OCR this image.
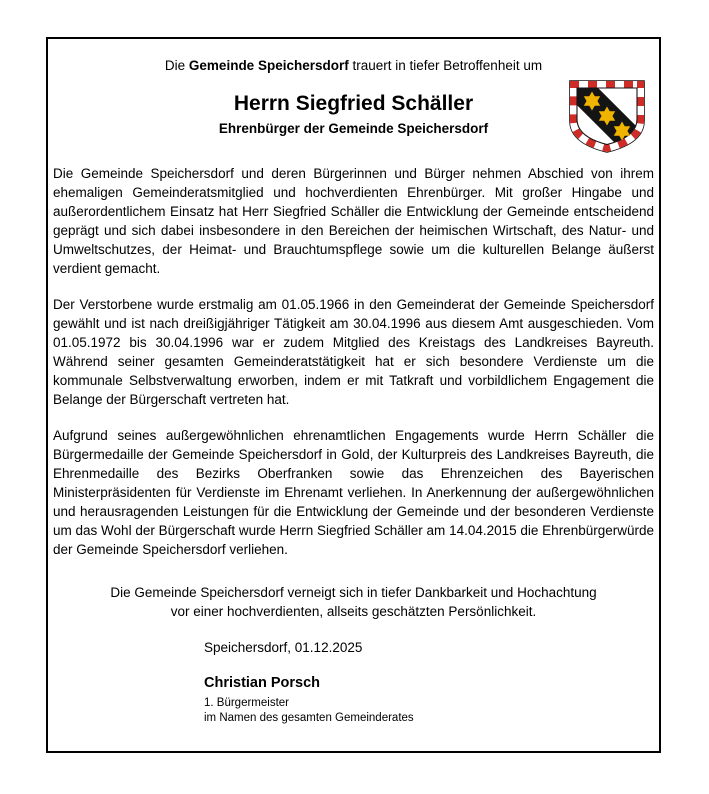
Die Gemeinde Speichersdorf trauert in tiefer Betroffenheit um

Herrn Siegfried Schäller
Ehrenbürger der Gemeinde Speichersdorf

Die Gemeinde Speichersdorf und deren Bürgerinnen und Bürger nehmen Abschied von ihrem ehemaligen Gemeinderatsmitglied und hochverdienten Ehrenbürger. Mit großer Hingabe und außerordentlichem Einsatz hat Herr Siegfried Schäller die Entwicklung der Gemeinde entscheidend geprägt und sich dabei insbesondere in den Bereichen der heimischen Wirtschaft, des Natur- und Umweltschutzes, der Heimat- und Brauchtumspflege sowie um die kulturellen Belange äußerst verdient gemacht.

Der Verstorbene wurde erstmalig am 01.05.1966 in den Gemeinderat der Gemeinde Speichersdorf gewählt und ist nach dreißigjähriger Tätigkeit am 30.04.1996 aus diesem Amt ausgeschieden. Vom 01.05.1972 bis 30.04.1996 war er zudem Mitglied des Kreistags des Landkreises Bayreuth. Während seiner gesamten Gemeinderatstätigkeit hat er sich besondere Verdienste um die kommunale Selbstverwaltung erworben, indem er mit Tatkraft und vorbildlichem Engagement die Belange der Bürgerschaft vertreten hat.

Aufgrund seines außergewöhnlichen ehrenamtlichen Engagements wurde Herrn Schäller die Bürgermedaille der Gemeinde Speichersdorf in Gold, der Kulturpreis des Landkreises Bayreuth, die Ehrenmedaille des Bezirks Oberfranken sowie das Ehrenzeichen des Bayerischen Ministerpräsidenten für Verdienste im Ehrenamt verliehen. In Anerkennung der außergewöhnlichen und herausragenden Leistungen für die Entwicklung der Gemeinde und der besonderen Verdienste um das Wohl der Bürgerschaft wurde Herrn Siegfried Schäller am 14.04.2015 die Ehrenbürgerwürde der Gemeinde Speichersdorf verliehen.

Die Gemeinde Speichersdorf verneigt sich in tiefer Dankbarkeit und Hochachtung
vor einer hochverdienten, allseits geschätzten Persönlichkeit.
Speichersdorf, 01.12.2025
Christian Porsch
1. Bürgermeister
im Namen des gesamten Gemeinderates
